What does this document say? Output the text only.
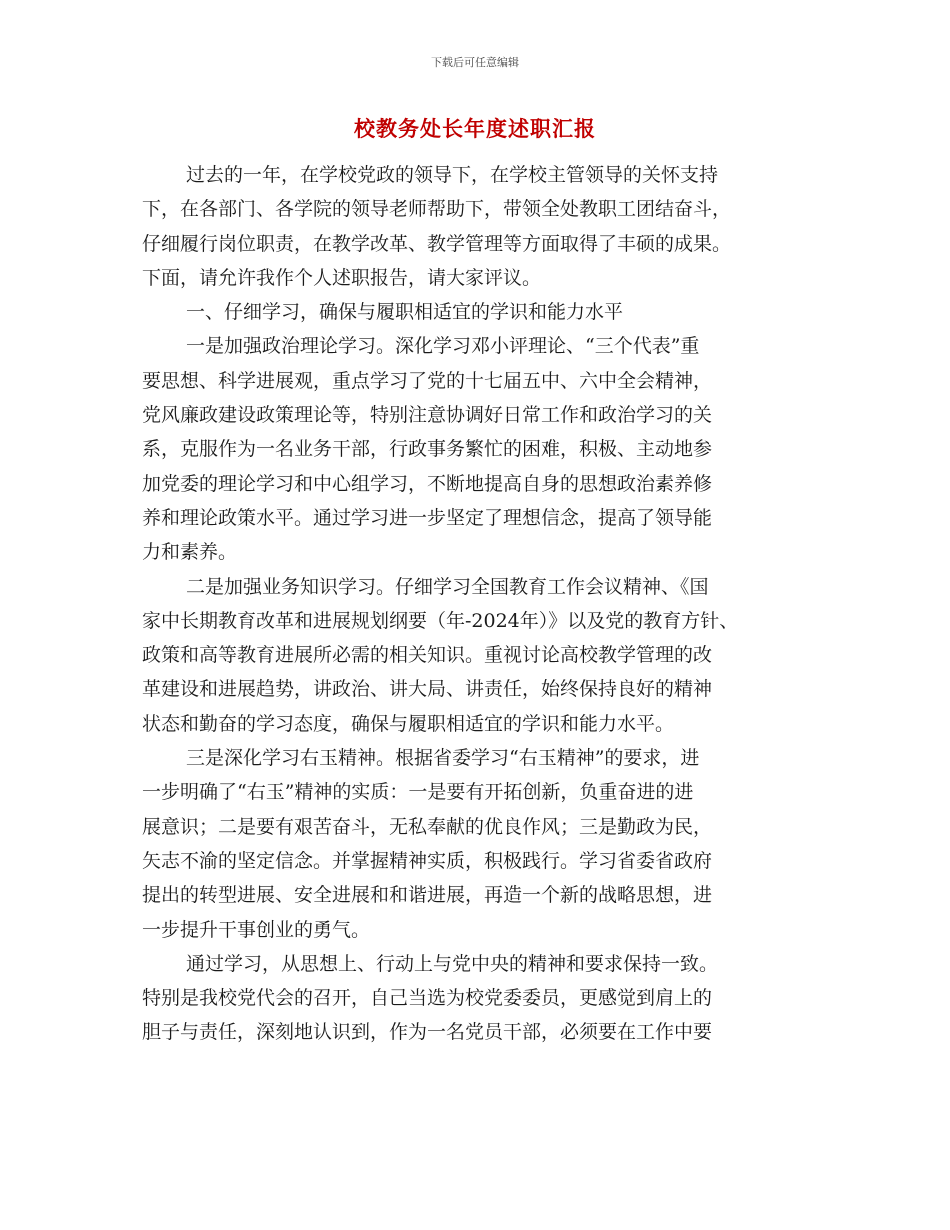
下载后可任意编辑
校教务处长年度述职汇报
过去的一年，在学校党政的领导下，在学校主管领导的关怀支持
下，在各部门、各学院的领导老师帮助下，带领全处教职工团结奋斗，
仔细履行岗位职责，在教学改革、教学管理等方面取得了丰硕的成果。
下面，请允许我作个人述职报告，请大家评议。
一、仔细学习，确保与履职相适宜的学识和能力水平
一是加强政治理论学习。深化学习邓小评理论、“三个代表”重
要思想、科学进展观，重点学习了党的十七届五中、六中全会精神，
党风廉政建设政策理论等，特别注意协调好日常工作和政治学习的关
系，克服作为一名业务干部，行政事务繁忙的困难，积极、主动地参
加党委的理论学习和中心组学习，不断地提高自身的思想政治素养修
养和理论政策水平。通过学习进一步坚定了理想信念，提高了领导能
力和素养。
二是加强业务知识学习。仔细学习全国教育工作会议精神、《国
家中长期教育改革和进展规划纲要（年-2024年）》以及党的教育方针、
政策和高等教育进展所必需的相关知识。重视讨论高校教学管理的改
革建设和进展趋势，讲政治、讲大局、讲责任，始终保持良好的精神
状态和勤奋的学习态度，确保与履职相适宜的学识和能力水平。
三是深化学习右玉精神。根据省委学习“右玉精神”的要求，进
一步明确了“右玉”精神的实质：一是要有开拓创新，负重奋进的进
展意识；二是要有艰苦奋斗，无私奉献的优良作风；三是勤政为民，
矢志不渝的坚定信念。并掌握精神实质，积极践行。学习省委省政府
提出的转型进展、安全进展和和谐进展，再造一个新的战略思想，进
一步提升干事创业的勇气。
通过学习，从思想上、行动上与党中央的精神和要求保持一致。
特别是我校党代会的召开，自己当选为校党委委员，更感觉到肩上的
胆子与责任，深刻地认识到，作为一名党员干部，必须要在工作中要
